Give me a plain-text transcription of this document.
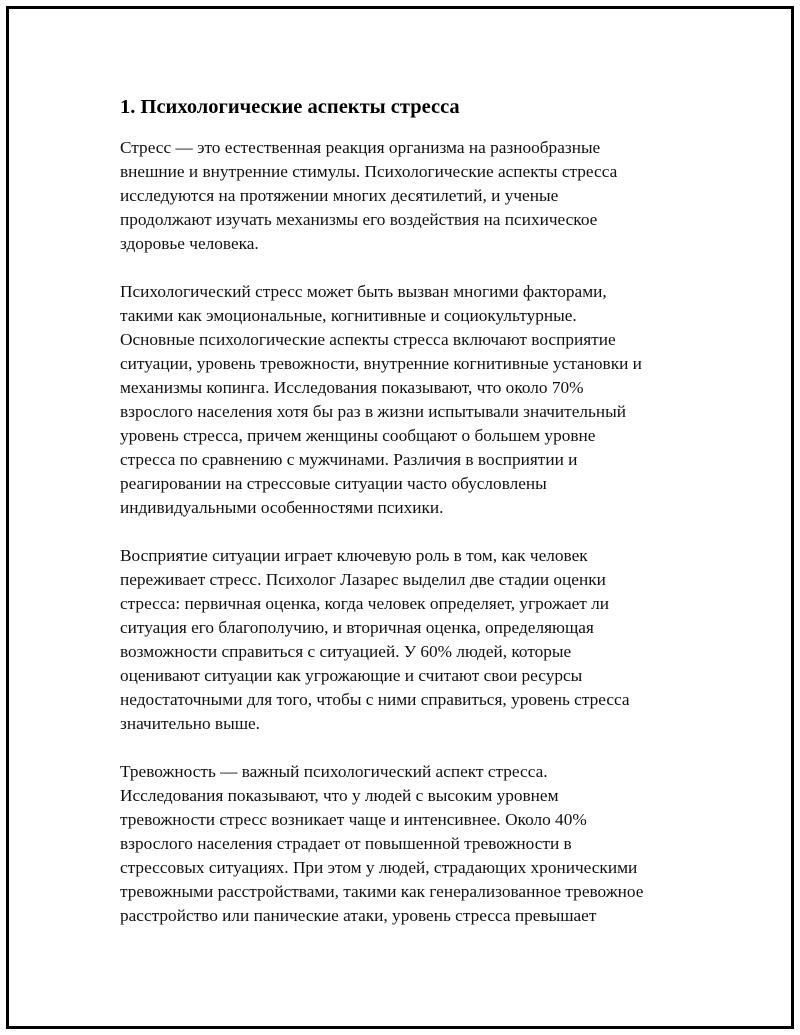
1. Психологические аспекты стресса

Стресс — это естественная реакция организма на разнообразные
внешние и внутренние стимулы. Психологические аспекты стресса
исследуются на протяжении многих десятилетий, и ученые
продолжают изучать механизмы его воздействия на психическое
здоровье человека.

Психологический стресс может быть вызван многими факторами,
такими как эмоциональные, когнитивные и социокультурные.
Основные психологические аспекты стресса включают восприятие
ситуации, уровень тревожности, внутренние когнитивные установки и
механизмы копинга. Исследования показывают, что около 70%
взрослого населения хотя бы раз в жизни испытывали значительный
уровень стресса, причем женщины сообщают о большем уровне
стресса по сравнению с мужчинами. Различия в восприятии и
реагировании на стрессовые ситуации часто обусловлены
индивидуальными особенностями психики.

Восприятие ситуации играет ключевую роль в том, как человек
переживает стресс. Психолог Лазарес выделил две стадии оценки
стресса: первичная оценка, когда человек определяет, угрожает ли
ситуация его благополучию, и вторичная оценка, определяющая
возможности справиться с ситуацией. У 60% людей, которые
оценивают ситуации как угрожающие и считают свои ресурсы
недостаточными для того, чтобы с ними справиться, уровень стресса
значительно выше.

Тревожность — важный психологический аспект стресса.
Исследования показывают, что у людей с высоким уровнем
тревожности стресс возникает чаще и интенсивнее. Около 40%
взрослого населения страдает от повышенной тревожности в
стрессовых ситуациях. При этом у людей, страдающих хроническими
тревожными расстройствами, такими как генерализованное тревожное
расстройство или панические атаки, уровень стресса превышает
